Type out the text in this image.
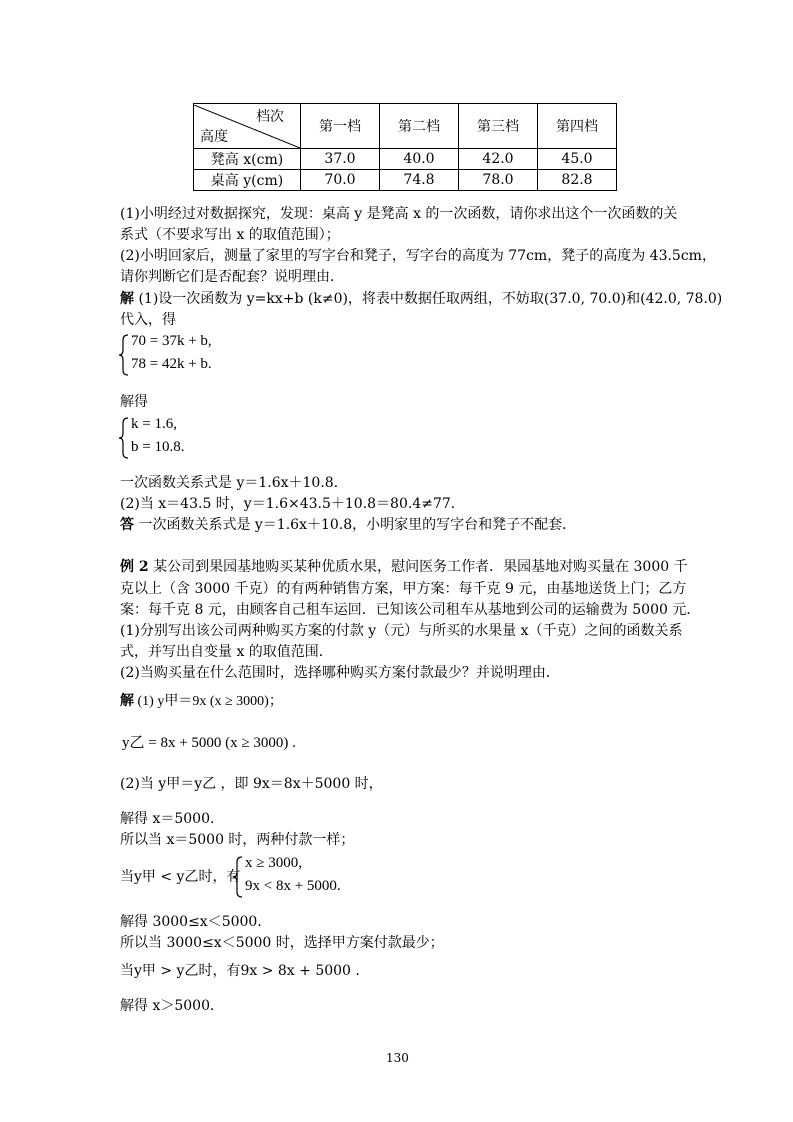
档次
高度	第一档	第二档	第三档	第四档
凳高 x(cm)	37.0	40.0	42.0	45.0
桌高 y(cm)	70.0	74.8	78.0	82.8
(1)小明经过对数据探究，发现：桌高 y 是凳高 x 的一次函数，请你求出这个一次函数的关
系式（不要求写出 x 的取值范围）；
(2)小明回家后，测量了家里的写字台和凳子，写字台的高度为 77cm，凳子的高度为 43.5cm，
请你判断它们是否配套？说明理由．
解 (1)设一次函数为 y=kx+b (k≠0)，将表中数据任取两组，不妨取(37.0, 70.0)和(42.0, 78.0)
代入，得
70 = 37k + b,
78 = 42k + b.
解得
k = 1.6,
b = 10.8.
一次函数关系式是 y＝1.6x＋10.8．
(2)当 x＝43.5 时，y＝1.6×43.5＋10.8＝80.4≠77．
答 一次函数关系式是 y＝1.6x＋10.8，小明家里的写字台和凳子不配套．
例 2 某公司到果园基地购买某种优质水果，慰问医务工作者．果园基地对购买量在 3000 千
克以上（含 3000 千克）的有两种销售方案，甲方案：每千克 9 元，由基地送货上门；乙方
案：每千克 8 元，由顾客自己租车运回．已知该公司租车从基地到公司的运输费为 5000 元．
(1)分别写出该公司两种购买方案的付款 y（元）与所买的水果量 x（千克）之间的函数关系
式，并写出自变量 x 的取值范围．
(2)当购买量在什么范围时，选择哪种购买方案付款最少？并说明理由．
解 (1) y甲＝9x (x ≥ 3000)；
y乙 = 8x + 5000 (x ≥ 3000) .
(2)当 y甲＝y乙 ，即 9x＝8x＋5000 时，
解得 x＝5000．
所以当 x＝5000 时，两种付款一样；
当y甲 < y乙时，有
x ≥ 3000,
9x < 8x + 5000.
解得 3000≤x＜5000．
所以当 3000≤x＜5000 时，选择甲方案付款最少；
当y甲 > y乙时，有9x > 8x + 5000 .
解得 x＞5000．
130
